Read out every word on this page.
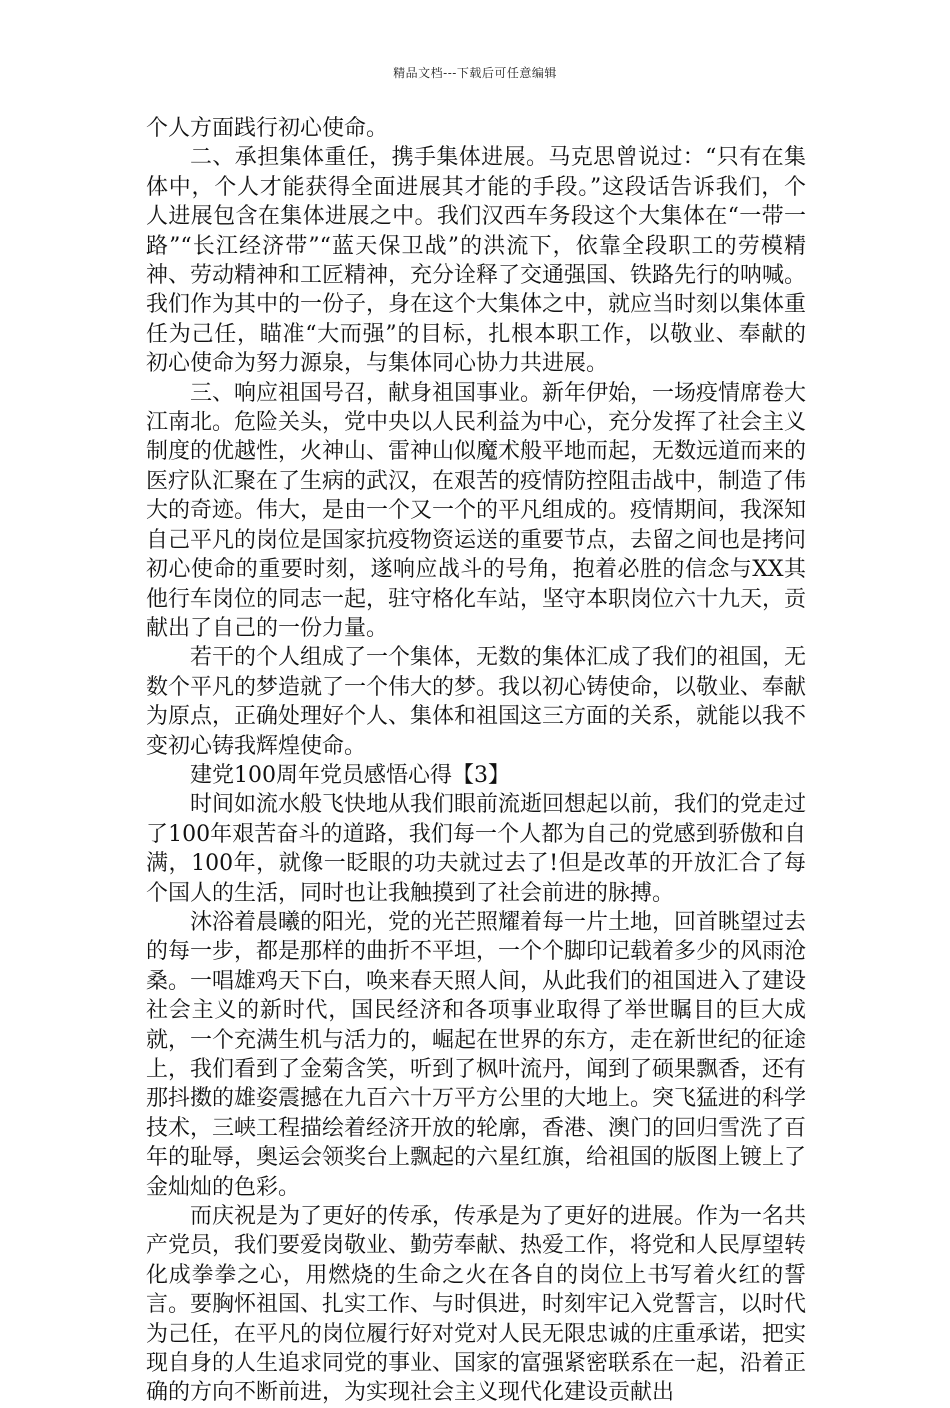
精品文档---下载后可任意编辑

个人方面践行初心使命。

二、承担集体重任，携手集体进展。马克思曾说过：“只有在集体中，个人才能获得全面进展其才能的手段。”这段话告诉我们，个人进展包含在集体进展之中。我们汉西车务段这个大集体在“一带一路”“长江经济带”“蓝天保卫战”的洪流下，依靠全段职工的劳模精神、劳动精神和工匠精神，充分诠释了交通强国、铁路先行的呐喊。我们作为其中的一份子，身在这个大集体之中，就应当时刻以集体重任为己任，瞄准“大而强”的目标，扎根本职工作，以敬业、奉献的初心使命为努力源泉，与集体同心协力共进展。

三、响应祖国号召，献身祖国事业。新年伊始，一场疫情席卷大江南北。危险关头，党中央以人民利益为中心，充分发挥了社会主义制度的优越性，火神山、雷神山似魔术般平地而起，无数远道而来的医疗队汇聚在了生病的武汉，在艰苦的疫情防控阻击战中，制造了伟大的奇迹。伟大，是由一个又一个的平凡组成的。疫情期间，我深知自己平凡的岗位是国家抗疫物资运送的重要节点，去留之间也是拷问初心使命的重要时刻，遂响应战斗的号角，抱着必胜的信念与XX其他行车岗位的同志一起，驻守格化车站，坚守本职岗位六十九天，贡献出了自己的一份力量。

若干的个人组成了一个集体，无数的集体汇成了我们的祖国，无数个平凡的梦造就了一个伟大的梦。我以初心铸使命，以敬业、奉献为原点，正确处理好个人、集体和祖国这三方面的关系，就能以我不变初心铸我辉煌使命。

建党100周年党员感悟心得【3】

时间如流水般飞快地从我们眼前流逝回想起以前，我们的党走过了100年艰苦奋斗的道路，我们每一个人都为自己的党感到骄傲和自满，100年，就像一眨眼的功夫就过去了!但是改革的开放汇合了每个国人的生活，同时也让我触摸到了社会前进的脉搏。

沐浴着晨曦的阳光，党的光芒照耀着每一片土地，回首眺望过去的每一步，都是那样的曲折不平坦，一个个脚印记载着多少的风雨沧桑。一唱雄鸡天下白，唤来春天照人间，从此我们的祖国进入了建设社会主义的新时代，国民经济和各项事业取得了举世瞩目的巨大成就，一个充满生机与活力的，崛起在世界的东方，走在新世纪的征途上，我们看到了金菊含笑，听到了枫叶流丹，闻到了硕果飘香，还有那抖擞的雄姿震撼在九百六十万平方公里的大地上。突飞猛进的科学技术，三峡工程描绘着经济开放的轮廓，香港、澳门的回归雪洗了百年的耻辱，奥运会领奖台上飘起的六星红旗，给祖国的版图上镀上了金灿灿的色彩。

而庆祝是为了更好的传承，传承是为了更好的进展。作为一名共产党员，我们要爱岗敬业、勤劳奉献、热爱工作，将党和人民厚望转化成拳拳之心，用燃烧的生命之火在各自的岗位上书写着火红的誓言。要胸怀祖国、扎实工作、与时俱进，时刻牢记入党誓言，以时代为己任，在平凡的岗位履行好对党对人民无限忠诚的庄重承诺，把实现自身的人生追求同党的事业、国家的富强紧密联系在一起，沿着正确的方向不断前进，为实现社会主义现代化建设贡献出
